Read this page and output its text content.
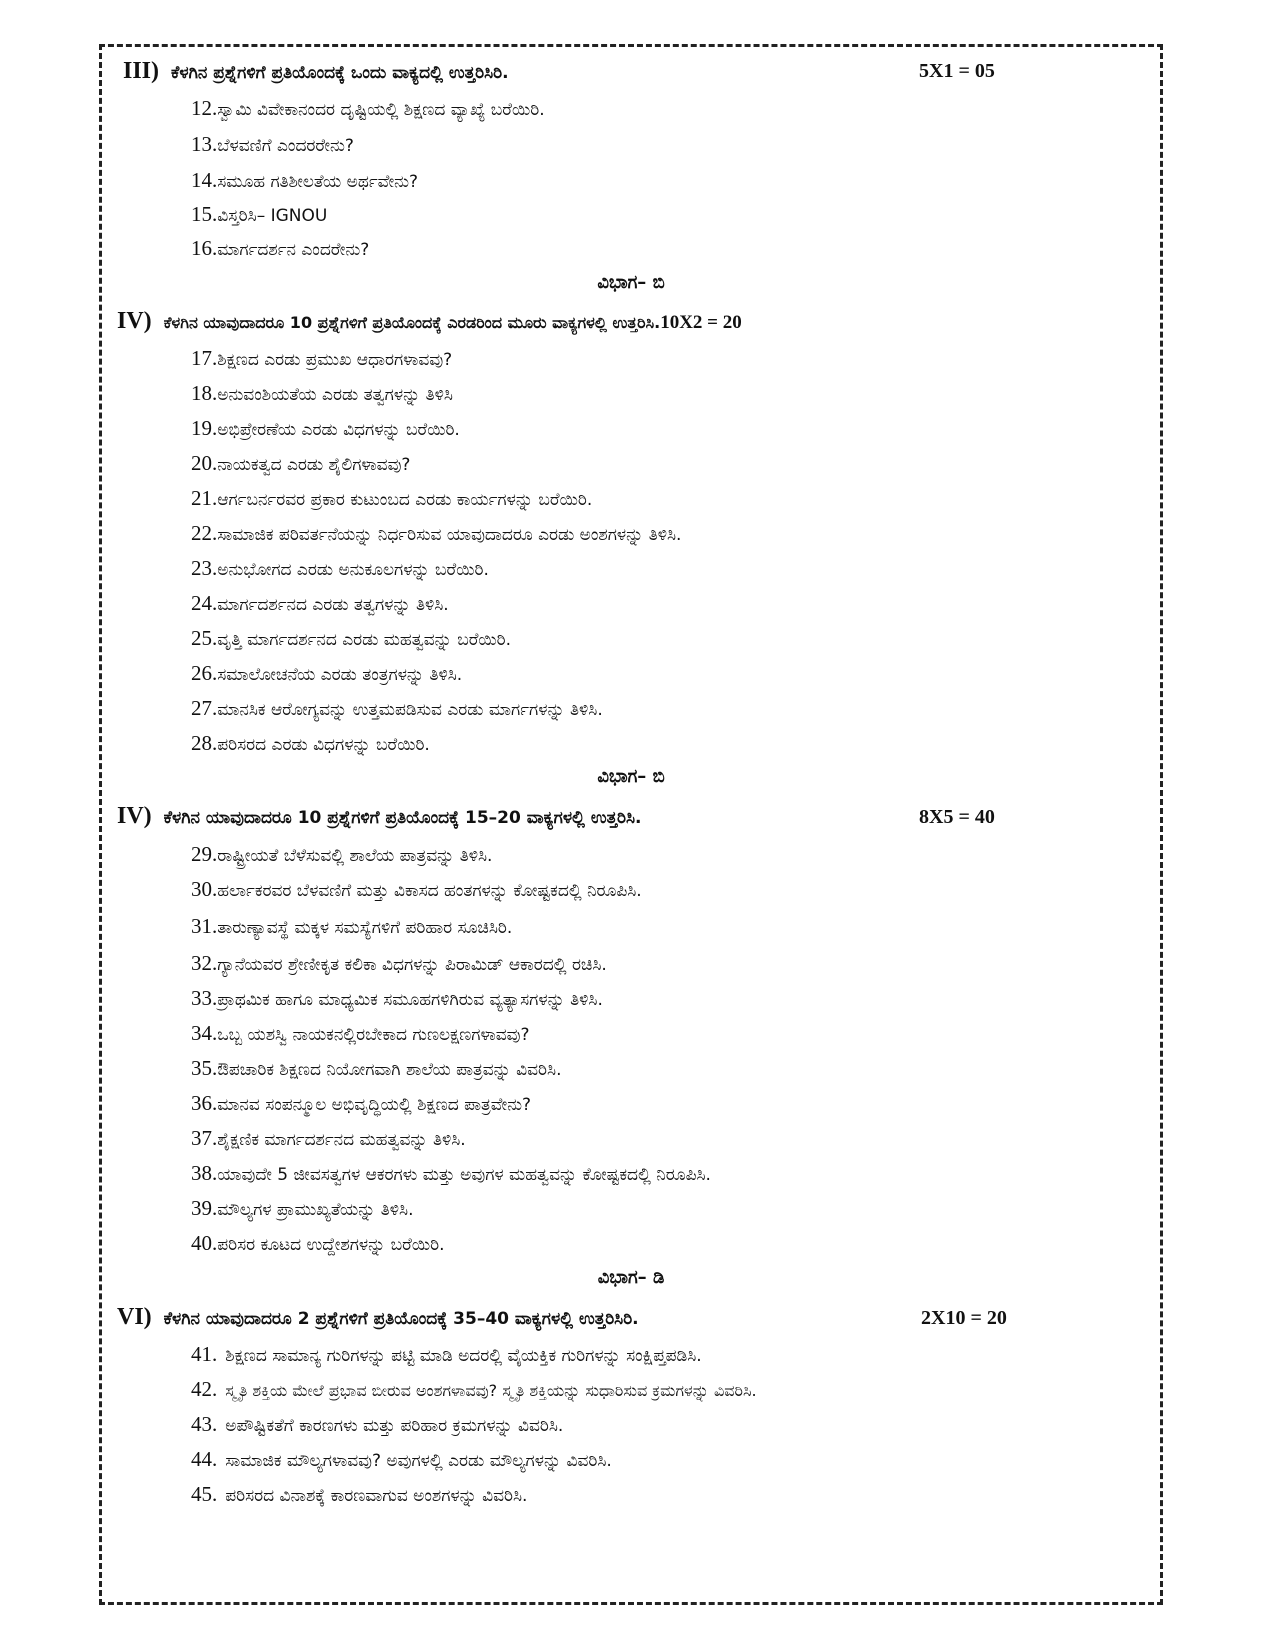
III) ಕೆಳಗಿನ ಪ್ರಶ್ನೆಗಳಿಗೆ ಪ್ರತಿಯೊಂದಕ್ಕೆ ಒಂದು ವಾಕ್ಯದಲ್ಲಿ ಉತ್ತರಿಸಿರಿ.	5X1 = 05
12.ಸ್ವಾಮಿ ವಿವೇಕಾನಂದರ ದೃಷ್ಟಿಯಲ್ಲಿ ಶಿಕ್ಷಣದ ವ್ಯಾಖ್ಯೆ ಬರೆಯಿರಿ.
13.ಬೆಳವಣಿಗೆ ಎಂದರರೇನು?
14.ಸಮೂಹ ಗತಿಶೀಲತೆಯ ಅರ್ಥವೇನು?
15.ವಿಸ್ತರಿಸಿ– IGNOU
16.ಮಾರ್ಗದರ್ಶನ ಎಂದರೇನು?
ವಿಭಾಗ– ಬಿ
IV) ಕೆಳಗಿನ ಯಾವುದಾದರೂ 10 ಪ್ರಶ್ನೆಗಳಿಗೆ ಪ್ರತಿಯೊಂದಕ್ಕೆ ಎರಡರಿಂದ ಮೂರು ವಾಕ್ಯಗಳಲ್ಲಿ ಉತ್ತರಿಸಿ.10X2 = 20
17.ಶಿಕ್ಷಣದ ಎರಡು ಪ್ರಮುಖ ಆಧಾರಗಳಾವವು?
18.ಅನುವಂಶಿಯತೆಯ ಎರಡು ತತ್ವಗಳನ್ನು ತಿಳಿಸಿ
19.ಅಭಿಪ್ರೇರಣೆಯ ಎರಡು ವಿಧಗಳನ್ನು ಬರೆಯಿರಿ.
20.ನಾಯಕತ್ವದ ಎರಡು ಶೈಲಿಗಳಾವವು?
21.ಆರ್ಗಬರ್ನರವರ ಪ್ರಕಾರ ಕುಟುಂಬದ ಎರಡು ಕಾರ್ಯಗಳನ್ನು ಬರೆಯಿರಿ.
22.ಸಾಮಾಜಿಕ ಪರಿವರ್ತನೆಯನ್ನು ನಿರ್ಧರಿಸುವ ಯಾವುದಾದರೂ ಎರಡು ಅಂಶಗಳನ್ನು ತಿಳಿಸಿ.
23.ಅನುಭೋಗದ ಎರಡು ಅನುಕೂಲಗಳನ್ನು ಬರೆಯಿರಿ.
24.ಮಾರ್ಗದರ್ಶನದ ಎರಡು ತತ್ವಗಳನ್ನು ತಿಳಿಸಿ.
25.ವೃತ್ತಿ ಮಾರ್ಗದರ್ಶನದ ಎರಡು ಮಹತ್ವವನ್ನು ಬರೆಯಿರಿ.
26.ಸಮಾಲೋಚನೆಯ ಎರಡು ತಂತ್ರಗಳನ್ನು ತಿಳಿಸಿ.
27.ಮಾನಸಿಕ ಆರೋಗ್ಯವನ್ನು ಉತ್ತಮಪಡಿಸುವ ಎರಡು ಮಾರ್ಗಗಳನ್ನು ತಿಳಿಸಿ.
28.ಪರಿಸರದ ಎರಡು ವಿಧಗಳನ್ನು ಬರೆಯಿರಿ.
ವಿಭಾಗ– ಬಿ
IV) ಕೆಳಗಿನ ಯಾವುದಾದರೂ 10 ಪ್ರಶ್ನೆಗಳಿಗೆ ಪ್ರತಿಯೊಂದಕ್ಕೆ 15–20 ವಾಕ್ಯಗಳಲ್ಲಿ ಉತ್ತರಿಸಿ.	8X5 = 40
29.ರಾಷ್ಟ್ರೀಯತೆ ಬೆಳೆಸುವಲ್ಲಿ ಶಾಲೆಯ ಪಾತ್ರವನ್ನು ತಿಳಿಸಿ.
30.ಹರ್ಲಾಕರವರ ಬೆಳವಣಿಗೆ ಮತ್ತು ವಿಕಾಸದ ಹಂತಗಳನ್ನು ಕೋಷ್ಟಕದಲ್ಲಿ ನಿರೂಪಿಸಿ.
31.ತಾರುಣ್ಯಾವಸ್ಥೆ ಮಕ್ಕಳ ಸಮಸ್ಯೆಗಳಿಗೆ ಪರಿಹಾರ ಸೂಚಿಸಿರಿ.
32.ಗ್ಯಾನೆಯವರ ಶ್ರೇಣೀಕೃತ ಕಲಿಕಾ ವಿಧಗಳನ್ನು ಪಿರಾಮಿಡ್ ಆಕಾರದಲ್ಲಿ ರಚಿಸಿ.
33.ಪ್ರಾಥಮಿಕ ಹಾಗೂ ಮಾಧ್ಯಮಿಕ ಸಮೂಹಗಳಿಗಿರುವ ವ್ಯತ್ಯಾಸಗಳನ್ನು ತಿಳಿಸಿ.
34.ಒಬ್ಬ ಯಶಸ್ವಿ ನಾಯಕನಲ್ಲಿರಬೇಕಾದ ಗುಣಲಕ್ಷಣಗಳಾವವು?
35.ಔಪಚಾರಿಕ ಶಿಕ್ಷಣದ ನಿಯೋಗವಾಗಿ ಶಾಲೆಯ ಪಾತ್ರವನ್ನು ವಿವರಿಸಿ.
36.ಮಾನವ ಸಂಪನ್ಮೂಲ ಅಭಿವೃದ್ಧಿಯಲ್ಲಿ ಶಿಕ್ಷಣದ ಪಾತ್ರವೇನು?
37.ಶೈಕ್ಷಣಿಕ ಮಾರ್ಗದರ್ಶನದ ಮಹತ್ವವನ್ನು ತಿಳಿಸಿ.
38.ಯಾವುದೇ 5 ಜೀವಸತ್ವಗಳ ಆಕರಗಳು ಮತ್ತು ಅವುಗಳ ಮಹತ್ವವನ್ನು ಕೋಷ್ಟಕದಲ್ಲಿ ನಿರೂಪಿಸಿ.
39.ಮೌಲ್ಯಗಳ ಪ್ರಾಮುಖ್ಯತೆಯನ್ನು ತಿಳಿಸಿ.
40.ಪರಿಸರ ಕೂಟದ ಉದ್ದೇಶಗಳನ್ನು ಬರೆಯಿರಿ.
ವಿಭಾಗ– ಡಿ
VI) ಕೆಳಗಿನ ಯಾವುದಾದರೂ 2 ಪ್ರಶ್ನೆಗಳಿಗೆ ಪ್ರತಿಯೊಂದಕ್ಕೆ 35–40 ವಾಕ್ಯಗಳಲ್ಲಿ ಉತ್ತರಿಸಿರಿ.	2X10 = 20
41. ಶಿಕ್ಷಣದ ಸಾಮಾನ್ಯ ಗುರಿಗಳನ್ನು ಪಟ್ಟಿ ಮಾಡಿ ಅದರಲ್ಲಿ ವೈಯಕ್ತಿಕ ಗುರಿಗಳನ್ನು ಸಂಕ್ಷಿಪ್ತಪಡಿಸಿ.
42. ಸ್ಮೃತಿ ಶಕ್ತಿಯ ಮೇಲೆ ಪ್ರಭಾವ ಬೀರುವ ಅಂಶಗಳಾವವು? ಸ್ಮೃತಿ ಶಕ್ತಿಯನ್ನು ಸುಧಾರಿಸುವ ಕ್ರಮಗಳನ್ನು ವಿವರಿಸಿ.
43. ಅಪೌಷ್ಟಿಕತೆಗೆ ಕಾರಣಗಳು ಮತ್ತು ಪರಿಹಾರ ಕ್ರಮಗಳನ್ನು ವಿವರಿಸಿ.
44. ಸಾಮಾಜಿಕ ಮೌಲ್ಯಗಳಾವವು? ಅವುಗಳಲ್ಲಿ ಎರಡು ಮೌಲ್ಯಗಳನ್ನು ವಿವರಿಸಿ.
45. ಪರಿಸರದ ವಿನಾಶಕ್ಕೆ ಕಾರಣವಾಗುವ ಅಂಶಗಳನ್ನು ವಿವರಿಸಿ.
